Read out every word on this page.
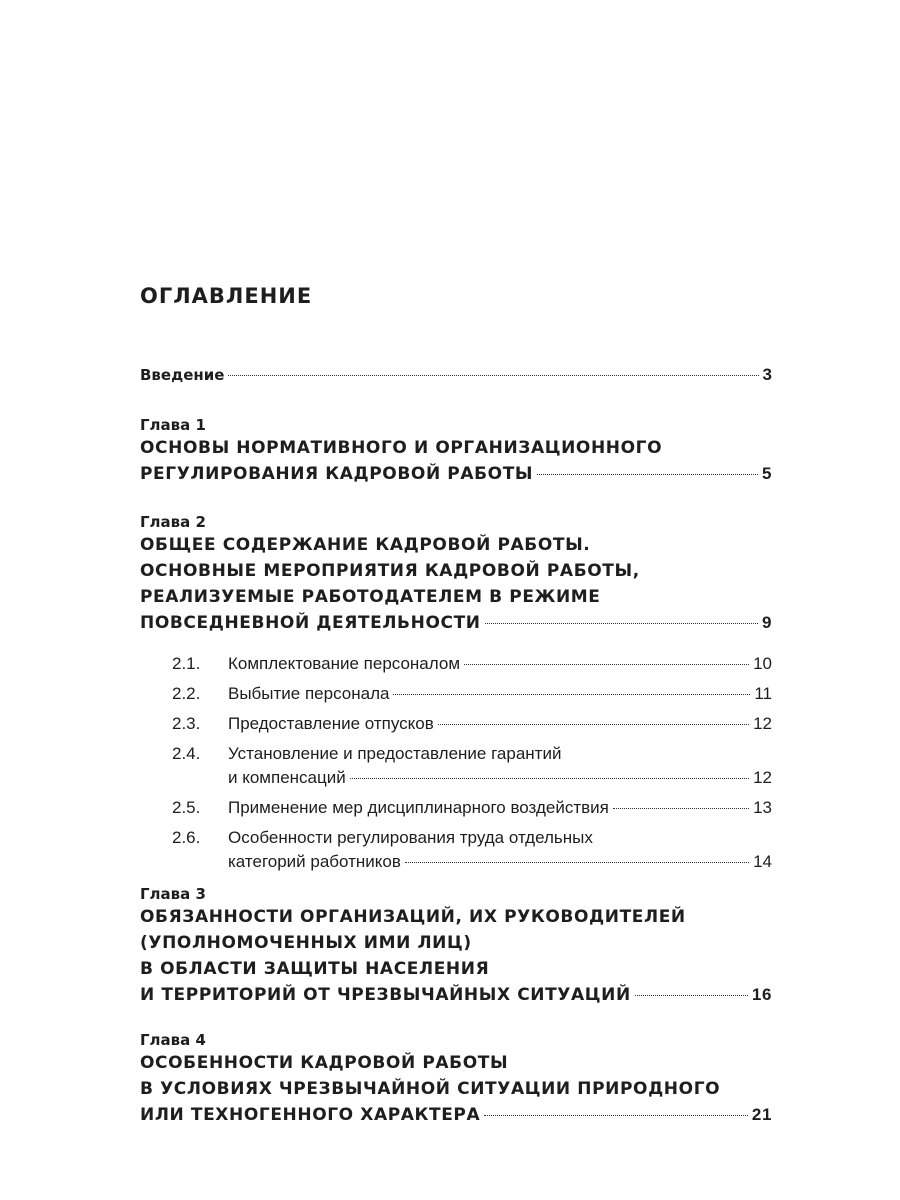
ОГЛАВЛЕНИЕ
Введение	3
Глава 1
ОСНОВЫ НОРМАТИВНОГО И ОРГАНИЗАЦИОННОГО
РЕГУЛИРОВАНИЯ КАДРОВОЙ РАБОТЫ	5
Глава 2
ОБЩЕЕ СОДЕРЖАНИЕ КАДРОВОЙ РАБОТЫ.
ОСНОВНЫЕ МЕРОПРИЯТИЯ КАДРОВОЙ РАБОТЫ,
РЕАЛИЗУЕМЫЕ РАБОТОДАТЕЛЕМ В РЕЖИМЕ
ПОВСЕДНЕВНОЙ ДЕЯТЕЛЬНОСТИ	9
2.1.	Комплектование персоналом	10
2.2.	Выбытие персонала	11
2.3.	Предоставление отпусков	12
2.4.	Установление и предоставление гарантий
и компенсаций	12
2.5.	Применение мер дисциплинарного воздействия	13
2.6.	Особенности регулирования труда отдельных
категорий работников	14
Глава 3
ОБЯЗАННОСТИ ОРГАНИЗАЦИЙ, ИХ РУКОВОДИТЕЛЕЙ
(УПОЛНОМОЧЕННЫХ ИМИ ЛИЦ)
В ОБЛАСТИ ЗАЩИТЫ НАСЕЛЕНИЯ
И ТЕРРИТОРИЙ ОТ ЧРЕЗВЫЧАЙНЫХ СИТУАЦИЙ	16
Глава 4
ОСОБЕННОСТИ КАДРОВОЙ РАБОТЫ
В УСЛОВИЯХ ЧРЕЗВЫЧАЙНОЙ СИТУАЦИИ ПРИРОДНОГО
ИЛИ ТЕХНОГЕННОГО ХАРАКТЕРА	21
